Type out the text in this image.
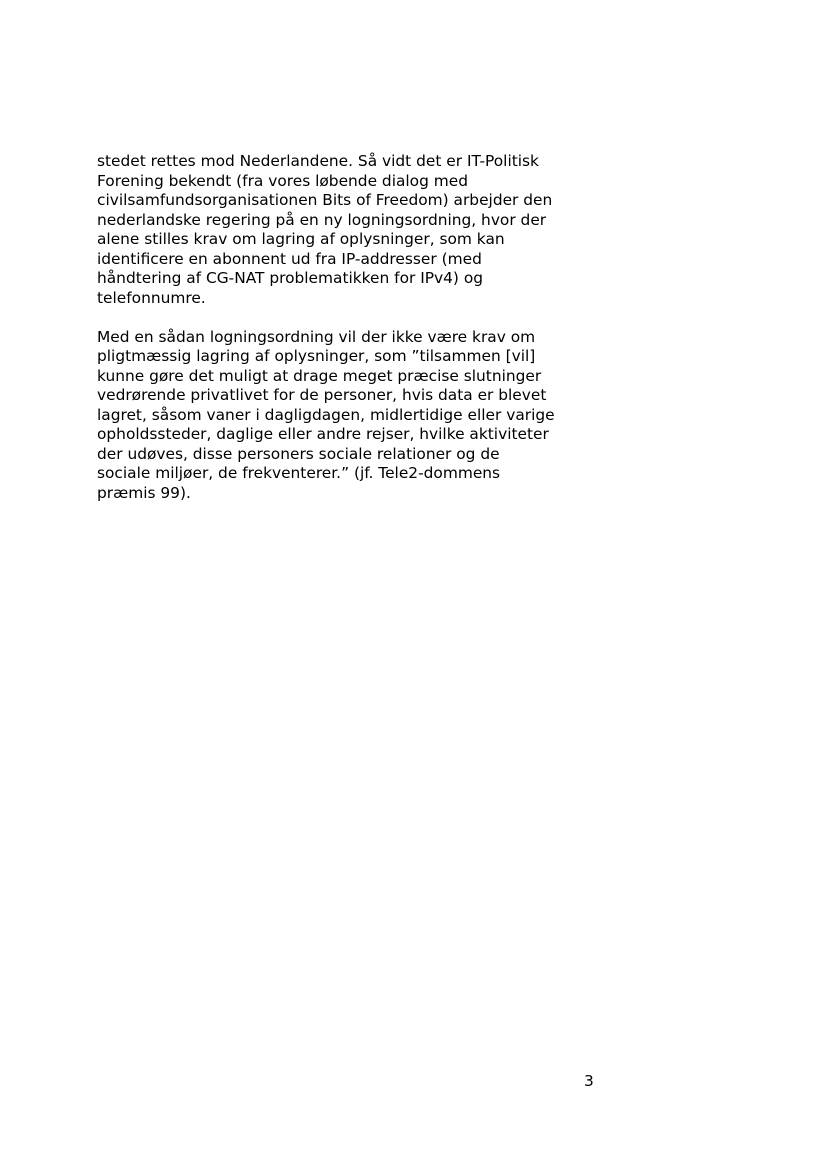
stedet rettes mod Nederlandene. Så vidt det er IT-Politisk
Forening bekendt (fra vores løbende dialog med
civilsamfundsorganisationen Bits of Freedom) arbejder den
nederlandske regering på en ny logningsordning, hvor der
alene stilles krav om lagring af oplysninger, som kan
identificere en abonnent ud fra IP-addresser (med
håndtering af CG-NAT problematikken for IPv4) og
telefonnumre.

Med en sådan logningsordning vil der ikke være krav om
pligtmæssig lagring af oplysninger, som ”tilsammen [vil]
kunne gøre det muligt at drage meget præcise slutninger
vedrørende privatlivet for de personer, hvis data er blevet
lagret, såsom vaner i dagligdagen, midlertidige eller varige
opholdssteder, daglige eller andre rejser, hvilke aktiviteter
der udøves, disse personers sociale relationer og de
sociale miljøer, de frekventerer.” (jf. Tele2-dommens
præmis 99).

3
